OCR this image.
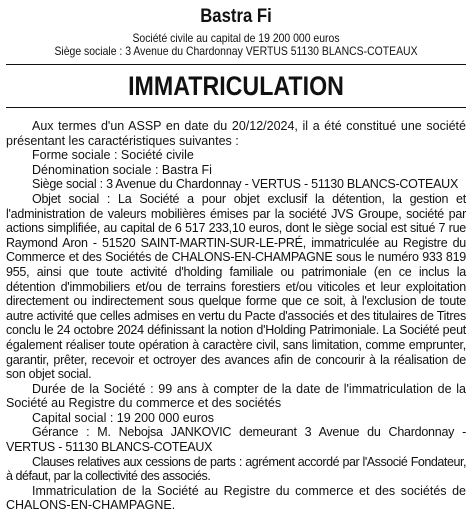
Bastra Fi
Société civile au capital de 19 200 000 euros
Siège sociale : 3 Avenue du Chardonnay VERTUS 51130 BLANCS-COTEAUX
IMMATRICULATION

Aux termes d'un ASSP en date du 20/12/2024, il a été constitué une société présentant les caractéristiques suivantes :

Forme sociale : Société civile

Dénomination sociale : Bastra Fi

Siège social : 3 Avenue du Chardonnay - VERTUS - 51130 BLANCS-COTEAUX

Objet social : La Société a pour objet exclusif la détention, la gestion et l'administration de valeurs mobilières émises par la société JVS Groupe, société par actions simplifiée, au capital de 6 517 233,10 euros, dont le siège social est situé 7 rue Raymond Aron - 51520 SAINT-MARTIN-SUR-LE-PRÉ, immatriculée au Registre du Commerce et des Sociétés de CHALONS-EN-CHAMPAGNE sous le numéro 933 819 955, ainsi que toute activité d'holding familiale ou patrimoniale (en ce inclus la détention d'immobiliers et/ou de terrains forestiers et/ou viticoles et leur exploitation directement ou indirectement sous quelque forme que ce soit, à l'exclusion de toute autre activité que celles admises en vertu du Pacte d'associés et des titulaires de Titres conclu le 24 octobre 2024 définissant la notion d'Holding Patrimoniale. La Société peut également réaliser toute opération à caractère civil, sans limitation, comme emprunter, garantir, prêter, recevoir et octroyer des avances afin de concourir à la réalisation de son objet social.

Durée de la Société : 99 ans à compter de la date de l'immatriculation de la Société au Registre du commerce et des sociétés

Capital social : 19 200 000 euros

Gérance : M. Nebojsa JANKOVIC demeurant 3 Avenue du Chardonnay - VERTUS - 51130 BLANCS-COTEAUX

Clauses relatives aux cessions de parts : agrément accordé par l'Associé Fondateur, à défaut, par la collectivité des associés.

Immatriculation de la Société au Registre du commerce et des sociétés de CHALONS-EN-CHAMPAGNE.
